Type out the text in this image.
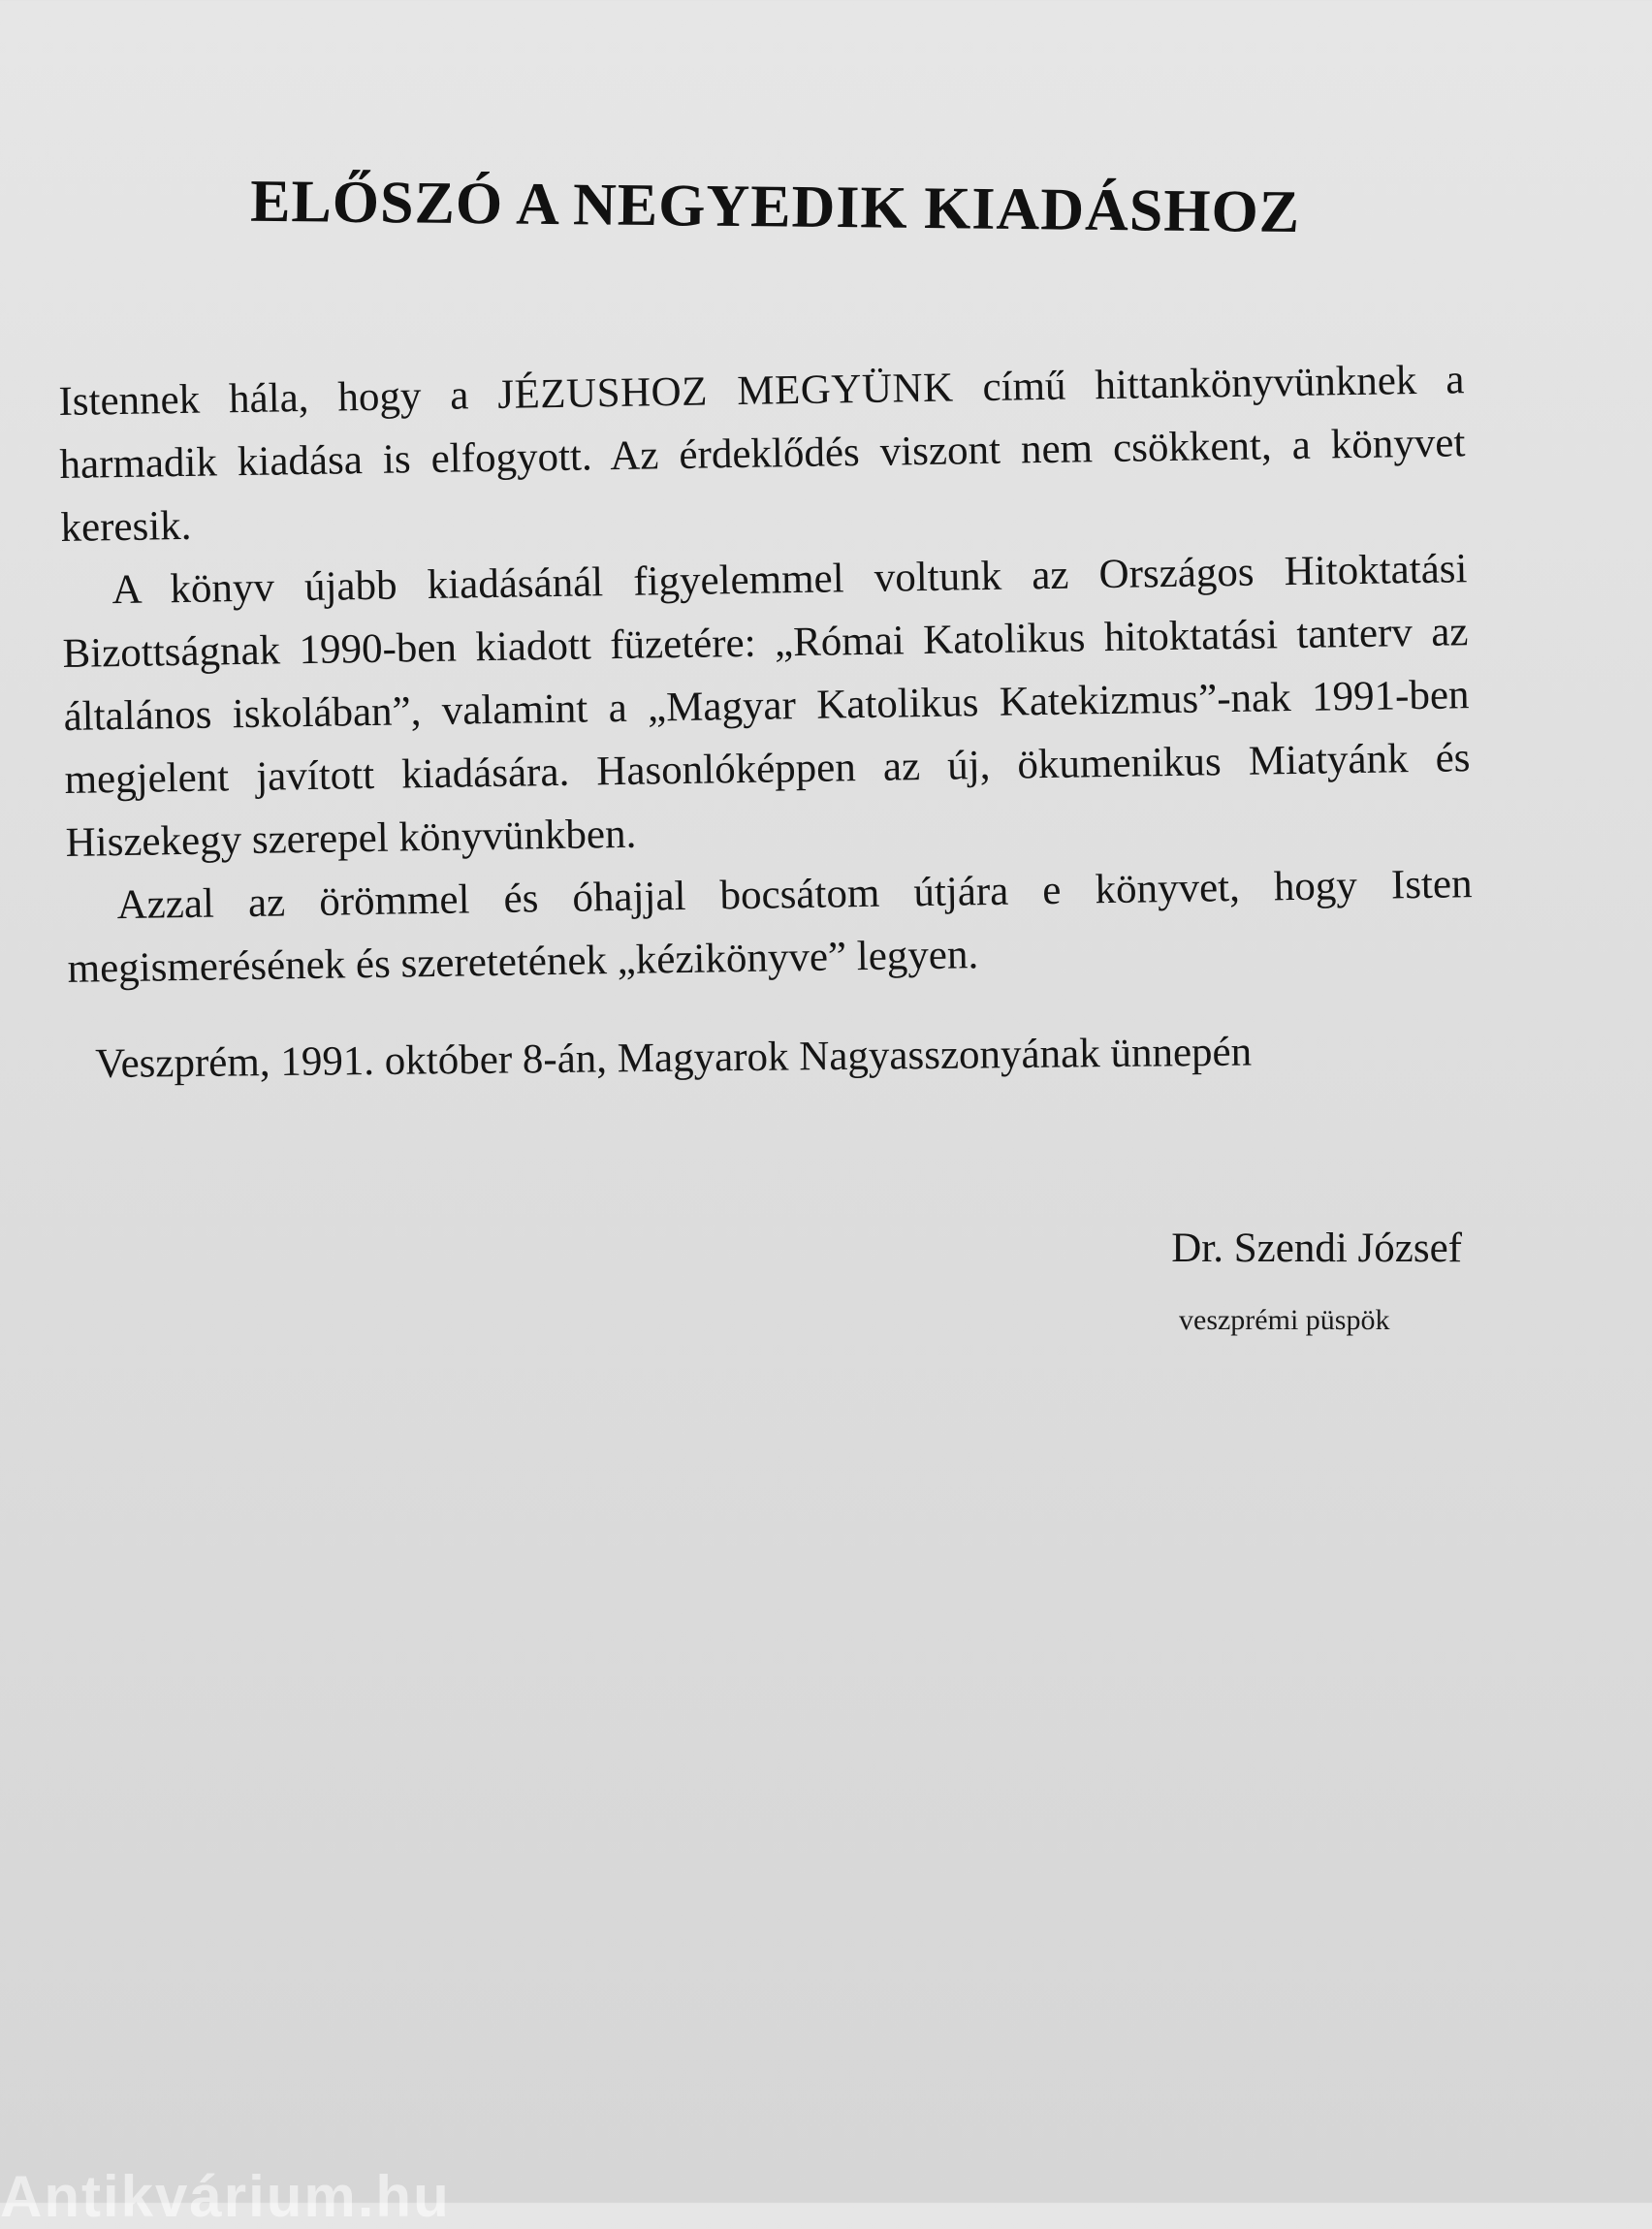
ELŐSZÓ A NEGYEDIK KIADÁSHOZ

Istennek hála, hogy a JÉZUSHOZ MEGYÜNK című hittankönyvünknek a harmadik kiadása is elfogyott. Az érdeklődés viszont nem csökkent, a könyvet keresik.

A könyv újabb kiadásánál figyelemmel voltunk az Országos Hitoktatási Bizottságnak 1990-ben kiadott füzetére: „Római Katolikus hitoktatási tanterv az általános iskolában”, valamint a „Magyar Katolikus Katekizmus”-nak 1991-ben megjelent javított kiadására. Hasonlóképpen az új, ökumenikus Miatyánk és Hiszekegy szerepel könyvünkben.

Azzal az örömmel és óhajjal bocsátom útjára e könyvet, hogy Isten megismerésének és szeretetének „kézikönyve” legyen.

Veszprém, 1991. október 8-án, Magyarok Nagyasszonyának ünnepén
Dr. Szendi József
veszprémi püspök
Antikvárium.hu
